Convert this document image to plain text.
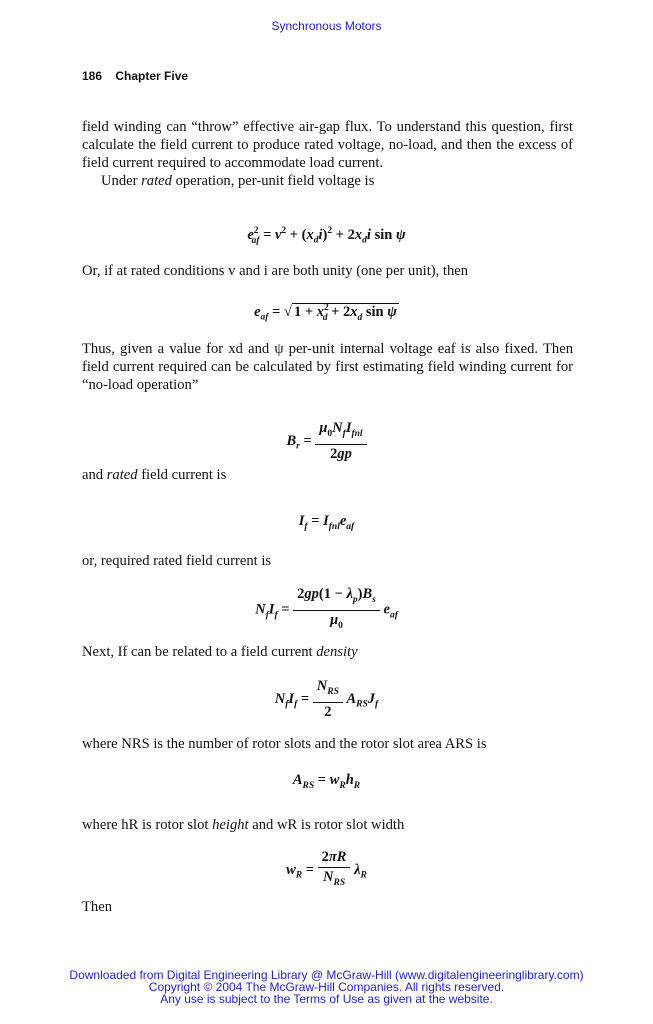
Synchronous Motors
186 Chapter Five
field winding can “throw” effective air-gap flux. To understand this question, first calculate the field current to produce rated voltage, no-load, and then the excess of field current required to accommodate load current.
Under rated operation, per-unit field voltage is
$e^2_{af} = v^2 + (x_di)^2 + 2x_di$ sin ψ
Or, if at rated conditions v and i are both unity (one per unit), then
$e_{af}$ = √ $1 + x^2_d + 2x_d$ sin ψ
Thus, given a value for xd and ψ per-unit internal voltage eaf is also fixed. Then field current required can be calculated by first estimating field winding current for “no-load operation”
$B_r = \frac{\mu_0N_fI_{fnl}}{2gp}$
and rated field current is
$I_f = I_{fnl}e_{af}$
or, required rated field current is
$N_fI_f = \frac{2gp(1 - \lambda_p)B_s}{\mu_0} e_{af}$
Next, If can be related to a field current density
$N_fI_f = \frac{N_{RS}}{2} A_{RS}J_f$
where NRS is the number of rotor slots and the rotor slot area ARS is
$A_{RS} = w_Rh_R$
where hR is rotor slot height and wR is rotor slot width
$w_R = \frac{2\pi R}{N_{RS}} \lambda_R$
Then
Downloaded from Digital Engineering Library @ McGraw-Hill (www.digitalengineeringlibrary.com)
Copyright © 2004 The McGraw-Hill Companies. All rights reserved.
Any use is subject to the Terms of Use as given at the website.
